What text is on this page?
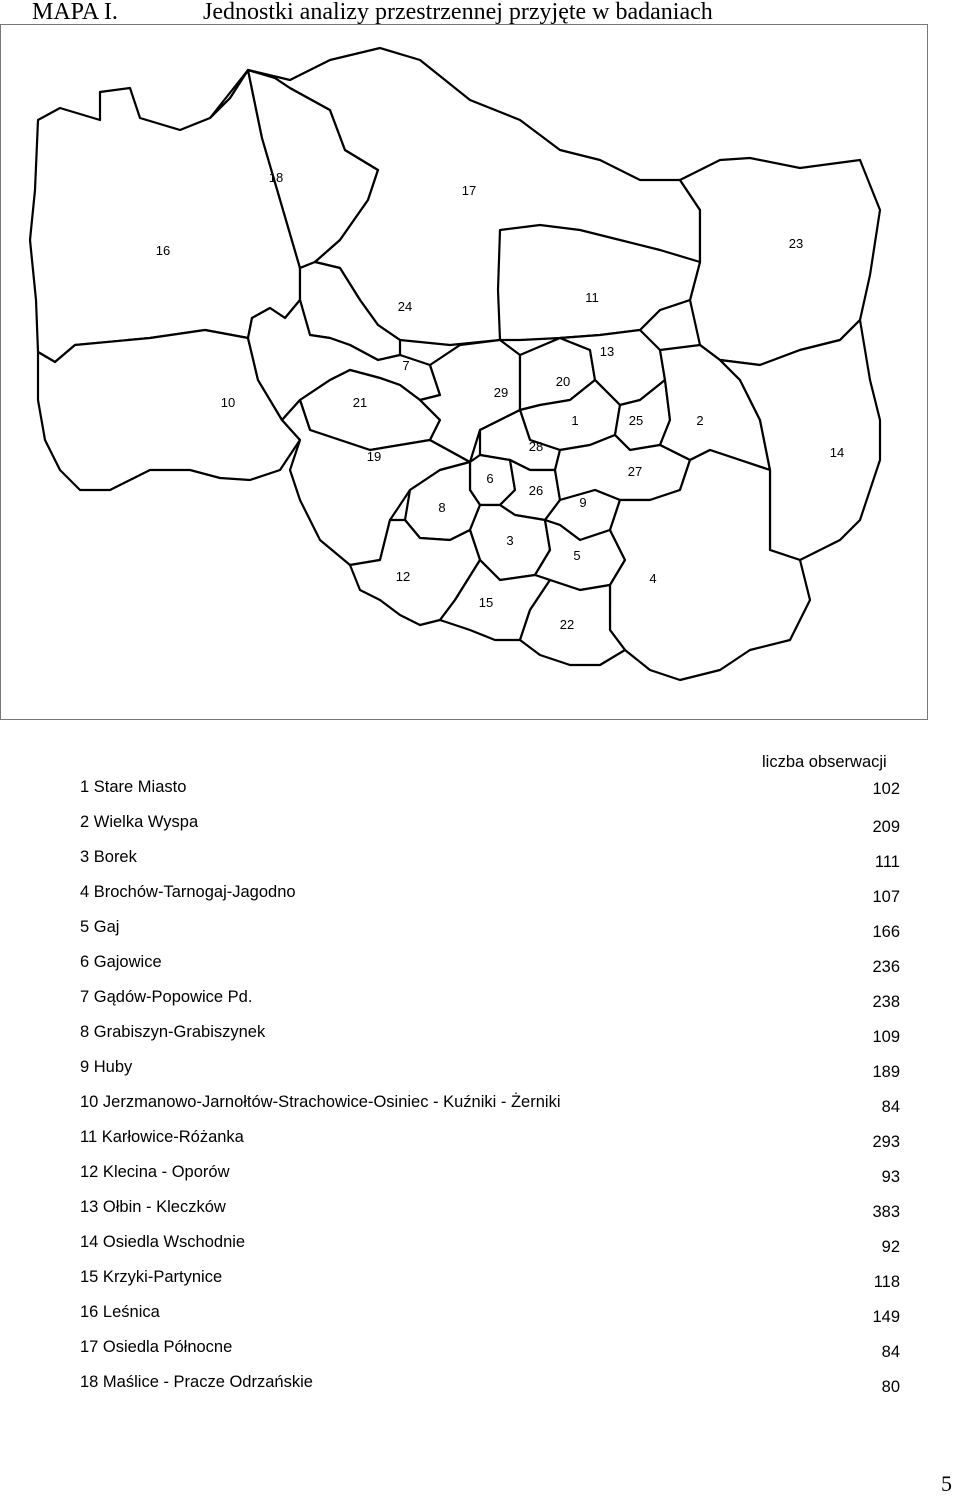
MAPA I.	Jednostki analizy przestrzennej przyjęte w badaniach
1	2
3
4
5
6
7
8	9
10
11
12
13
14
15
16
17
18
19
20
21
22
23
24
25
26
27
28
29
liczba obserwacji
1 Stare Miasto	102
2 Wielka Wyspa	209
3 Borek	111
4 Brochów-Tarnogaj-Jagodno	107
5 Gaj	166
6 Gajowice	236
7 Gądów-Popowice Pd.	238
8 Grabiszyn-Grabiszynek	109
9 Huby	189
10 Jerzmanowo-Jarnołtów-Strachowice-Osiniec - Kuźniki - Żerniki	84
11 Karłowice-Różanka	293
12 Klecina - Oporów	93
13 Ołbin - Kleczków	383
14 Osiedla Wschodnie	92
15 Krzyki-Partynice	118
16 Leśnica	149
17 Osiedla Północne	84
18 Maślice - Pracze Odrzańskie	80
5
